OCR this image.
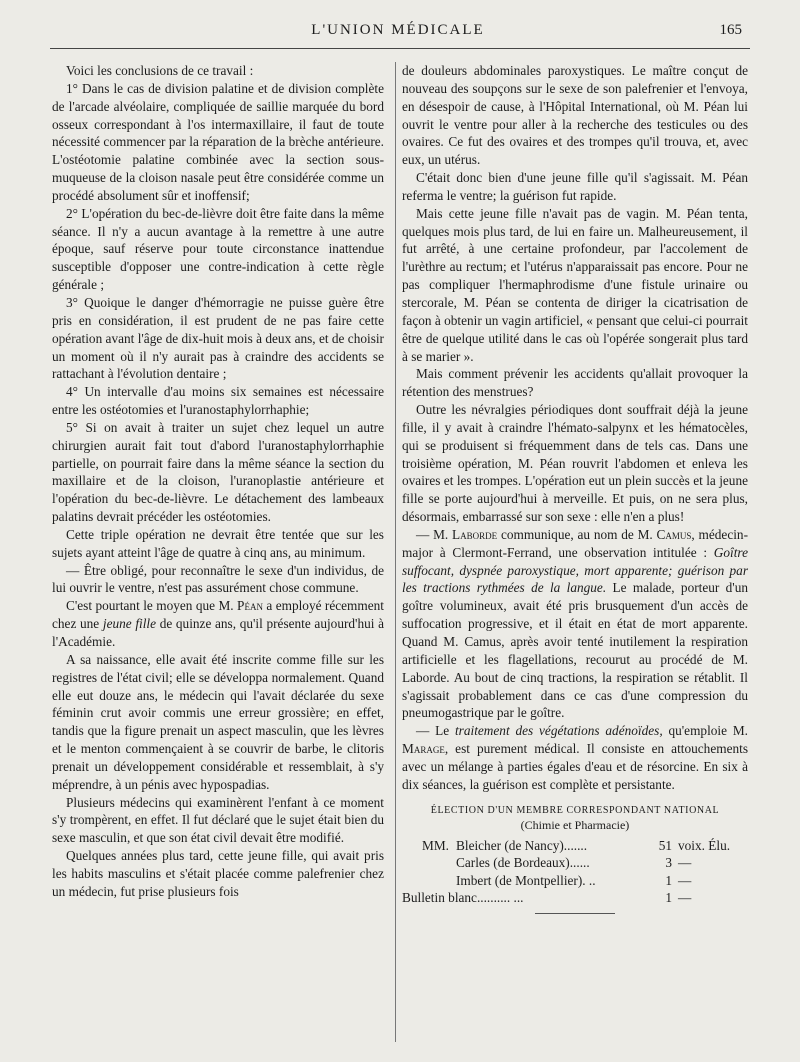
L'UNION MÉDICALE	165

Voici les conclusions de ce travail :

1° Dans le cas de division palatine et de division complète de l'arcade alvéolaire, compliquée de saillie marquée du bord osseux correspondant à l'os intermaxillaire, il faut de toute nécessité commencer par la réparation de la brèche antérieure. L'ostéotomie palatine combinée avec la section sous-muqueuse de la cloison nasale peut être considérée comme un procédé absolument sûr et inoffensif;

2° L'opération du bec-de-lièvre doit être faite dans la même séance. Il n'y a aucun avantage à la remettre à une autre époque, sauf réserve pour toute circonstance inattendue susceptible d'opposer une contre-indication à cette règle générale ;

3° Quoique le danger d'hémorragie ne puisse guère être pris en considération, il est prudent de ne pas faire cette opération avant l'âge de dix-huit mois à deux ans, et de choisir un moment où il n'y aurait pas à craindre des accidents se rattachant à l'évolution dentaire ;

4° Un intervalle d'au moins six semaines est nécessaire entre les ostéotomies et l'uranostaphylorrhaphie;

5° Si on avait à traiter un sujet chez lequel un autre chirurgien aurait fait tout d'abord l'uranostaphylorrhaphie partielle, on pourrait faire dans la même séance la section du maxillaire et de la cloison, l'uranoplastie antérieure et l'opération du bec-de-lièvre. Le détachement des lambeaux palatins devrait précéder les ostéotomies.

Cette triple opération ne devrait être tentée que sur les sujets ayant atteint l'âge de quatre à cinq ans, au minimum.

— Être obligé, pour reconnaître le sexe d'un individus, de lui ouvrir le ventre, n'est pas assurément chose commune.

C'est pourtant le moyen que M. Péan a employé récemment chez une jeune fille de quinze ans, qu'il présente aujourd'hui à l'Académie.

A sa naissance, elle avait été inscrite comme fille sur les registres de l'état civil; elle se développa normalement. Quand elle eut douze ans, le médecin qui l'avait déclarée du sexe féminin crut avoir commis une erreur grossière; en effet, tandis que la figure prenait un aspect masculin, que les lèvres et le menton commençaient à se couvrir de barbe, le clitoris prenait un développement considérable et ressemblait, à s'y méprendre, à un pénis avec hypospadias.

Plusieurs médecins qui examinèrent l'enfant à ce moment s'y trompèrent, en effet. Il fut déclaré que le sujet était bien du sexe masculin, et que son état civil devait être modifié.

Quelques années plus tard, cette jeune fille, qui avait pris les habits masculins et s'était placée comme palefrenier chez un médecin, fut prise plusieurs fois

de douleurs abdominales paroxystiques. Le maître conçut de nouveau des soupçons sur le sexe de son palefrenier et l'envoya, en désespoir de cause, à l'Hôpital International, où M. Péan lui ouvrit le ventre pour aller à la recherche des testicules ou des ovaires. Ce fut des ovaires et des trompes qu'il trouva, et, avec eux, un utérus.

C'était donc bien d'une jeune fille qu'il s'agissait. M. Péan referma le ventre; la guérison fut rapide.

Mais cette jeune fille n'avait pas de vagin. M. Péan tenta, quelques mois plus tard, de lui en faire un. Malheureusement, il fut arrêté, à une certaine profondeur, par l'accolement de l'urèthre au rectum; et l'utérus n'apparaissait pas encore. Pour ne pas compliquer l'hermaphrodisme d'une fistule urinaire ou stercorale, M. Péan se contenta de diriger la cicatrisation de façon à obtenir un vagin artificiel, « pensant que celui-ci pourrait être de quelque utilité dans le cas où l'opérée songerait plus tard à se marier ».

Mais comment prévenir les accidents qu'allait provoquer la rétention des menstrues?

Outre les névralgies périodiques dont souffrait déjà la jeune fille, il y avait à craindre l'hémato-salpynx et les hématocèles, qui se produisent si fréquemment dans de tels cas. Dans une troisième opération, M. Péan rouvrit l'abdomen et enleva les ovaires et les trompes. L'opération eut un plein succès et la jeune fille se porte aujourd'hui à merveille. Et puis, on ne sera plus, désormais, embarrassé sur son sexe : elle n'en a plus!

— M. Laborde communique, au nom de M. Camus, médecin-major à Clermont-Ferrand, une observation intitulée : Goître suffocant, dyspnée paroxystique, mort apparente; guérison par les tractions rythmées de la langue. Le malade, porteur d'un goître volumineux, avait été pris brusquement d'un accès de suffocation progressive, et il était en état de mort apparente. Quand M. Camus, après avoir tenté inutilement la respiration artificielle et les flagellations, recourut au procédé de M. Laborde. Au bout de cinq tractions, la respiration se rétablit. Il s'agissait probablement dans ce cas d'une compression du pneumogastrique par le goître.

— Le traitement des végétations adénoïdes, qu'emploie M. Marage, est purement médical. Il consiste en attouchements avec un mélange à parties égales d'eau et de résorcine. En six à dix séances, la guérison est complète et persistante.

ÉLECTION D'UN MEMBRE CORRESPONDANT NATIONAL
(Chimie et Pharmacie)
MM. Bleicher (de Nancy).......	51 voix. Élu.
Carles (de Bordeaux)......	3 —
Imbert (de Montpellier). ..	1 —
Bulletin blanc.......... ...	1 —
